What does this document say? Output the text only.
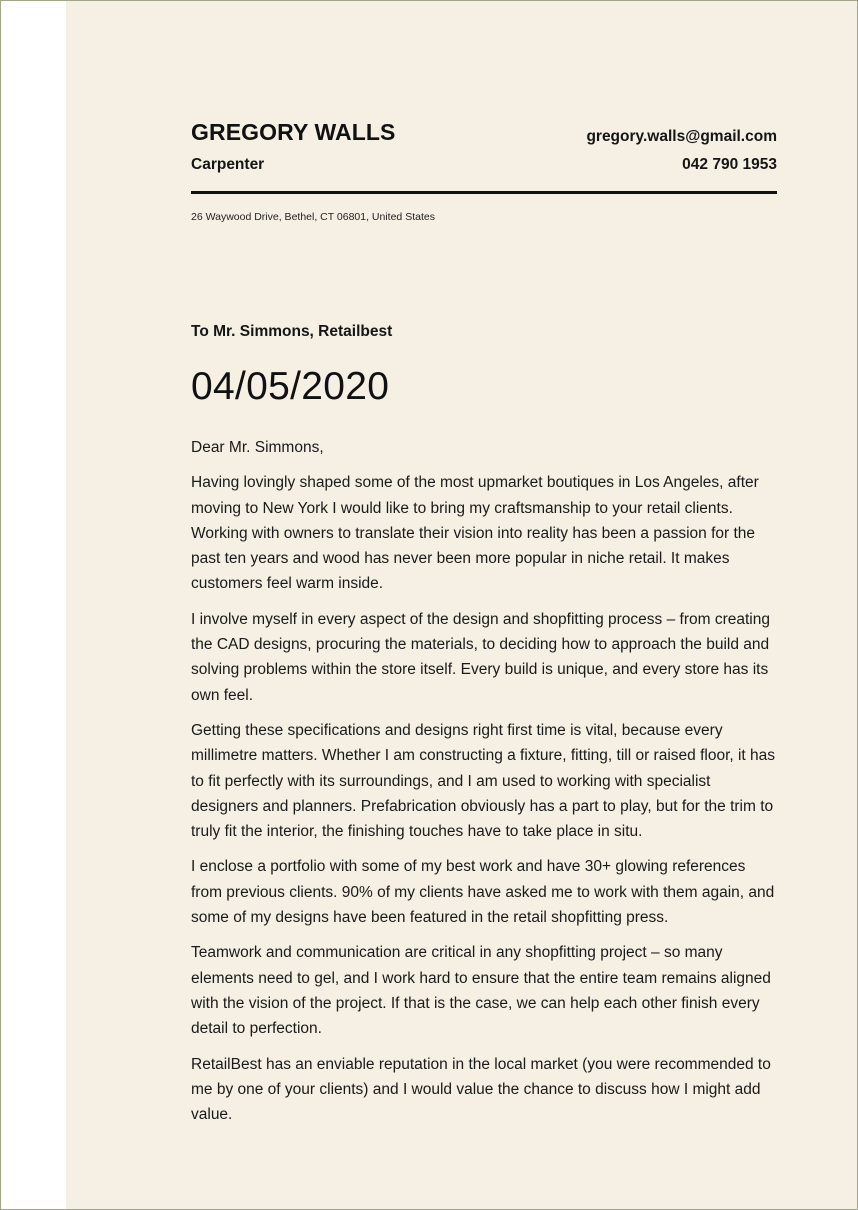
GREGORY WALLS
Carpenter
gregory.walls@gmail.com
042 790 1953
26 Waywood Drive, Bethel, CT 06801, United States
To Mr. Simmons, Retailbest
04/05/2020

Dear Mr. Simmons,

Having lovingly shaped some of the most upmarket boutiques in Los Angeles, after moving to New York I would like to bring my craftsmanship to your retail clients. Working with owners to translate their vision into reality has been a passion for the past ten years and wood has never been more popular in niche retail. It makes customers feel warm inside.

I involve myself in every aspect of the design and shopfitting process – from creating the CAD designs, procuring the materials, to deciding how to approach the build and solving problems within the store itself. Every build is unique, and every store has its own feel.

Getting these specifications and designs right first time is vital, because every millimetre matters. Whether I am constructing a fixture, fitting, till or raised floor, it has to fit perfectly with its surroundings, and I am used to working with specialist designers and planners. Prefabrication obviously has a part to play, but for the trim to truly fit the interior, the finishing touches have to take place in situ.

I enclose a portfolio with some of my best work and have 30+ glowing references from previous clients. 90% of my clients have asked me to work with them again, and some of my designs have been featured in the retail shopfitting press.

Teamwork and communication are critical in any shopfitting project – so many elements need to gel, and I work hard to ensure that the entire team remains aligned with the vision of the project. If that is the case, we can help each other finish every detail to perfection.

RetailBest has an enviable reputation in the local market (you were recommended to me by one of your clients) and I would value the chance to discuss how I might add value.
